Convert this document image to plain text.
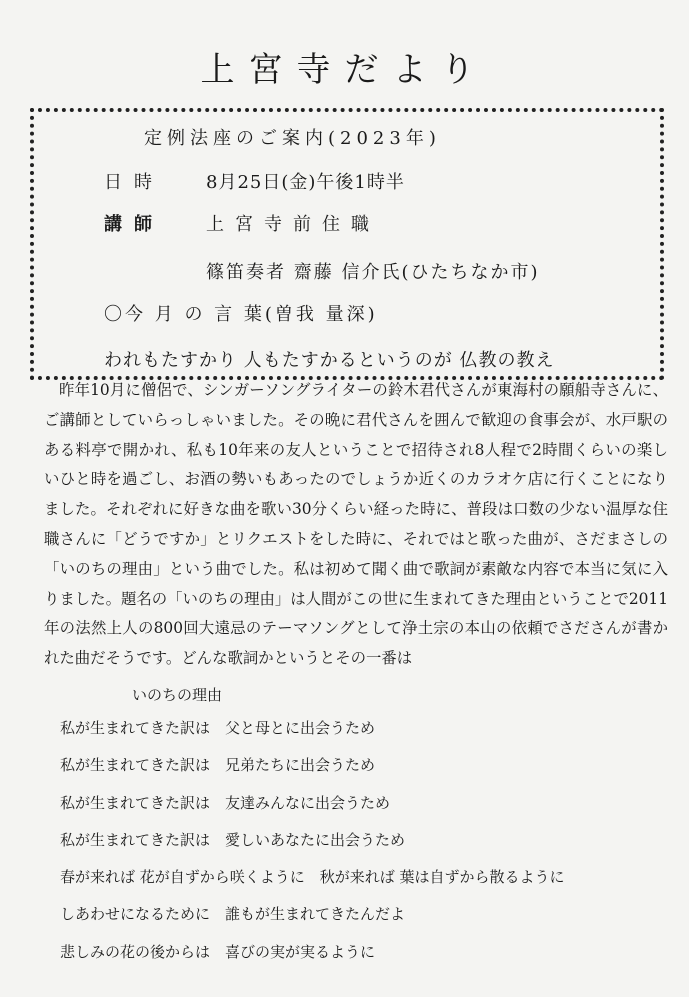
上宮寺だより
定例法座のご案内(2023年)
日時 8月25日(金)午後1時半
講師 上宮寺前住職
篠笛奏者 齋藤 信介氏(ひたちなか市)
〇今 月 の 言 葉(曽我 量深)
われもたすかり 人もたすかるというのが 仏教の教え

昨年10月に僧侶で、シンガーソングライターの鈴木君代さんが東海村の願船寺さんに、ご講師としていらっしゃいました。その晩に君代さんを囲んで歓迎の食事会が、水戸駅のある料亭で開かれ、私も10年来の友人ということで招待され8人程で2時間くらいの楽しいひと時を過ごし、お酒の勢いもあったのでしょうか近くのカラオケ店に行くことになりました。それぞれに好きな曲を歌い30分くらい経った時に、普段は口数の少ない温厚な住職さんに「どうですか」とリクエストをした時に、それではと歌った曲が、さだまさしの「いのちの理由」という曲でした。私は初めて聞く曲で歌詞が素敵な内容で本当に気に入りました。題名の「いのちの理由」は人間がこの世に生まれてきた理由ということで2011年の法然上人の800回大遠忌のテーマソングとして浄土宗の本山の依頼でさださんが書かれた曲だそうです。どんな歌詞かというとその一番は

いのちの理由
私が生まれてきた訳は　父と母とに出会うため
私が生まれてきた訳は　兄弟たちに出会うため
私が生まれてきた訳は　友達みんなに出会うため
私が生まれてきた訳は　愛しいあなたに出会うため
春が来れば 花が自ずから咲くように　秋が来れば 葉は自ずから散るように
しあわせになるために　誰もが生まれてきたんだよ
悲しみの花の後からは　喜びの実が実るように
